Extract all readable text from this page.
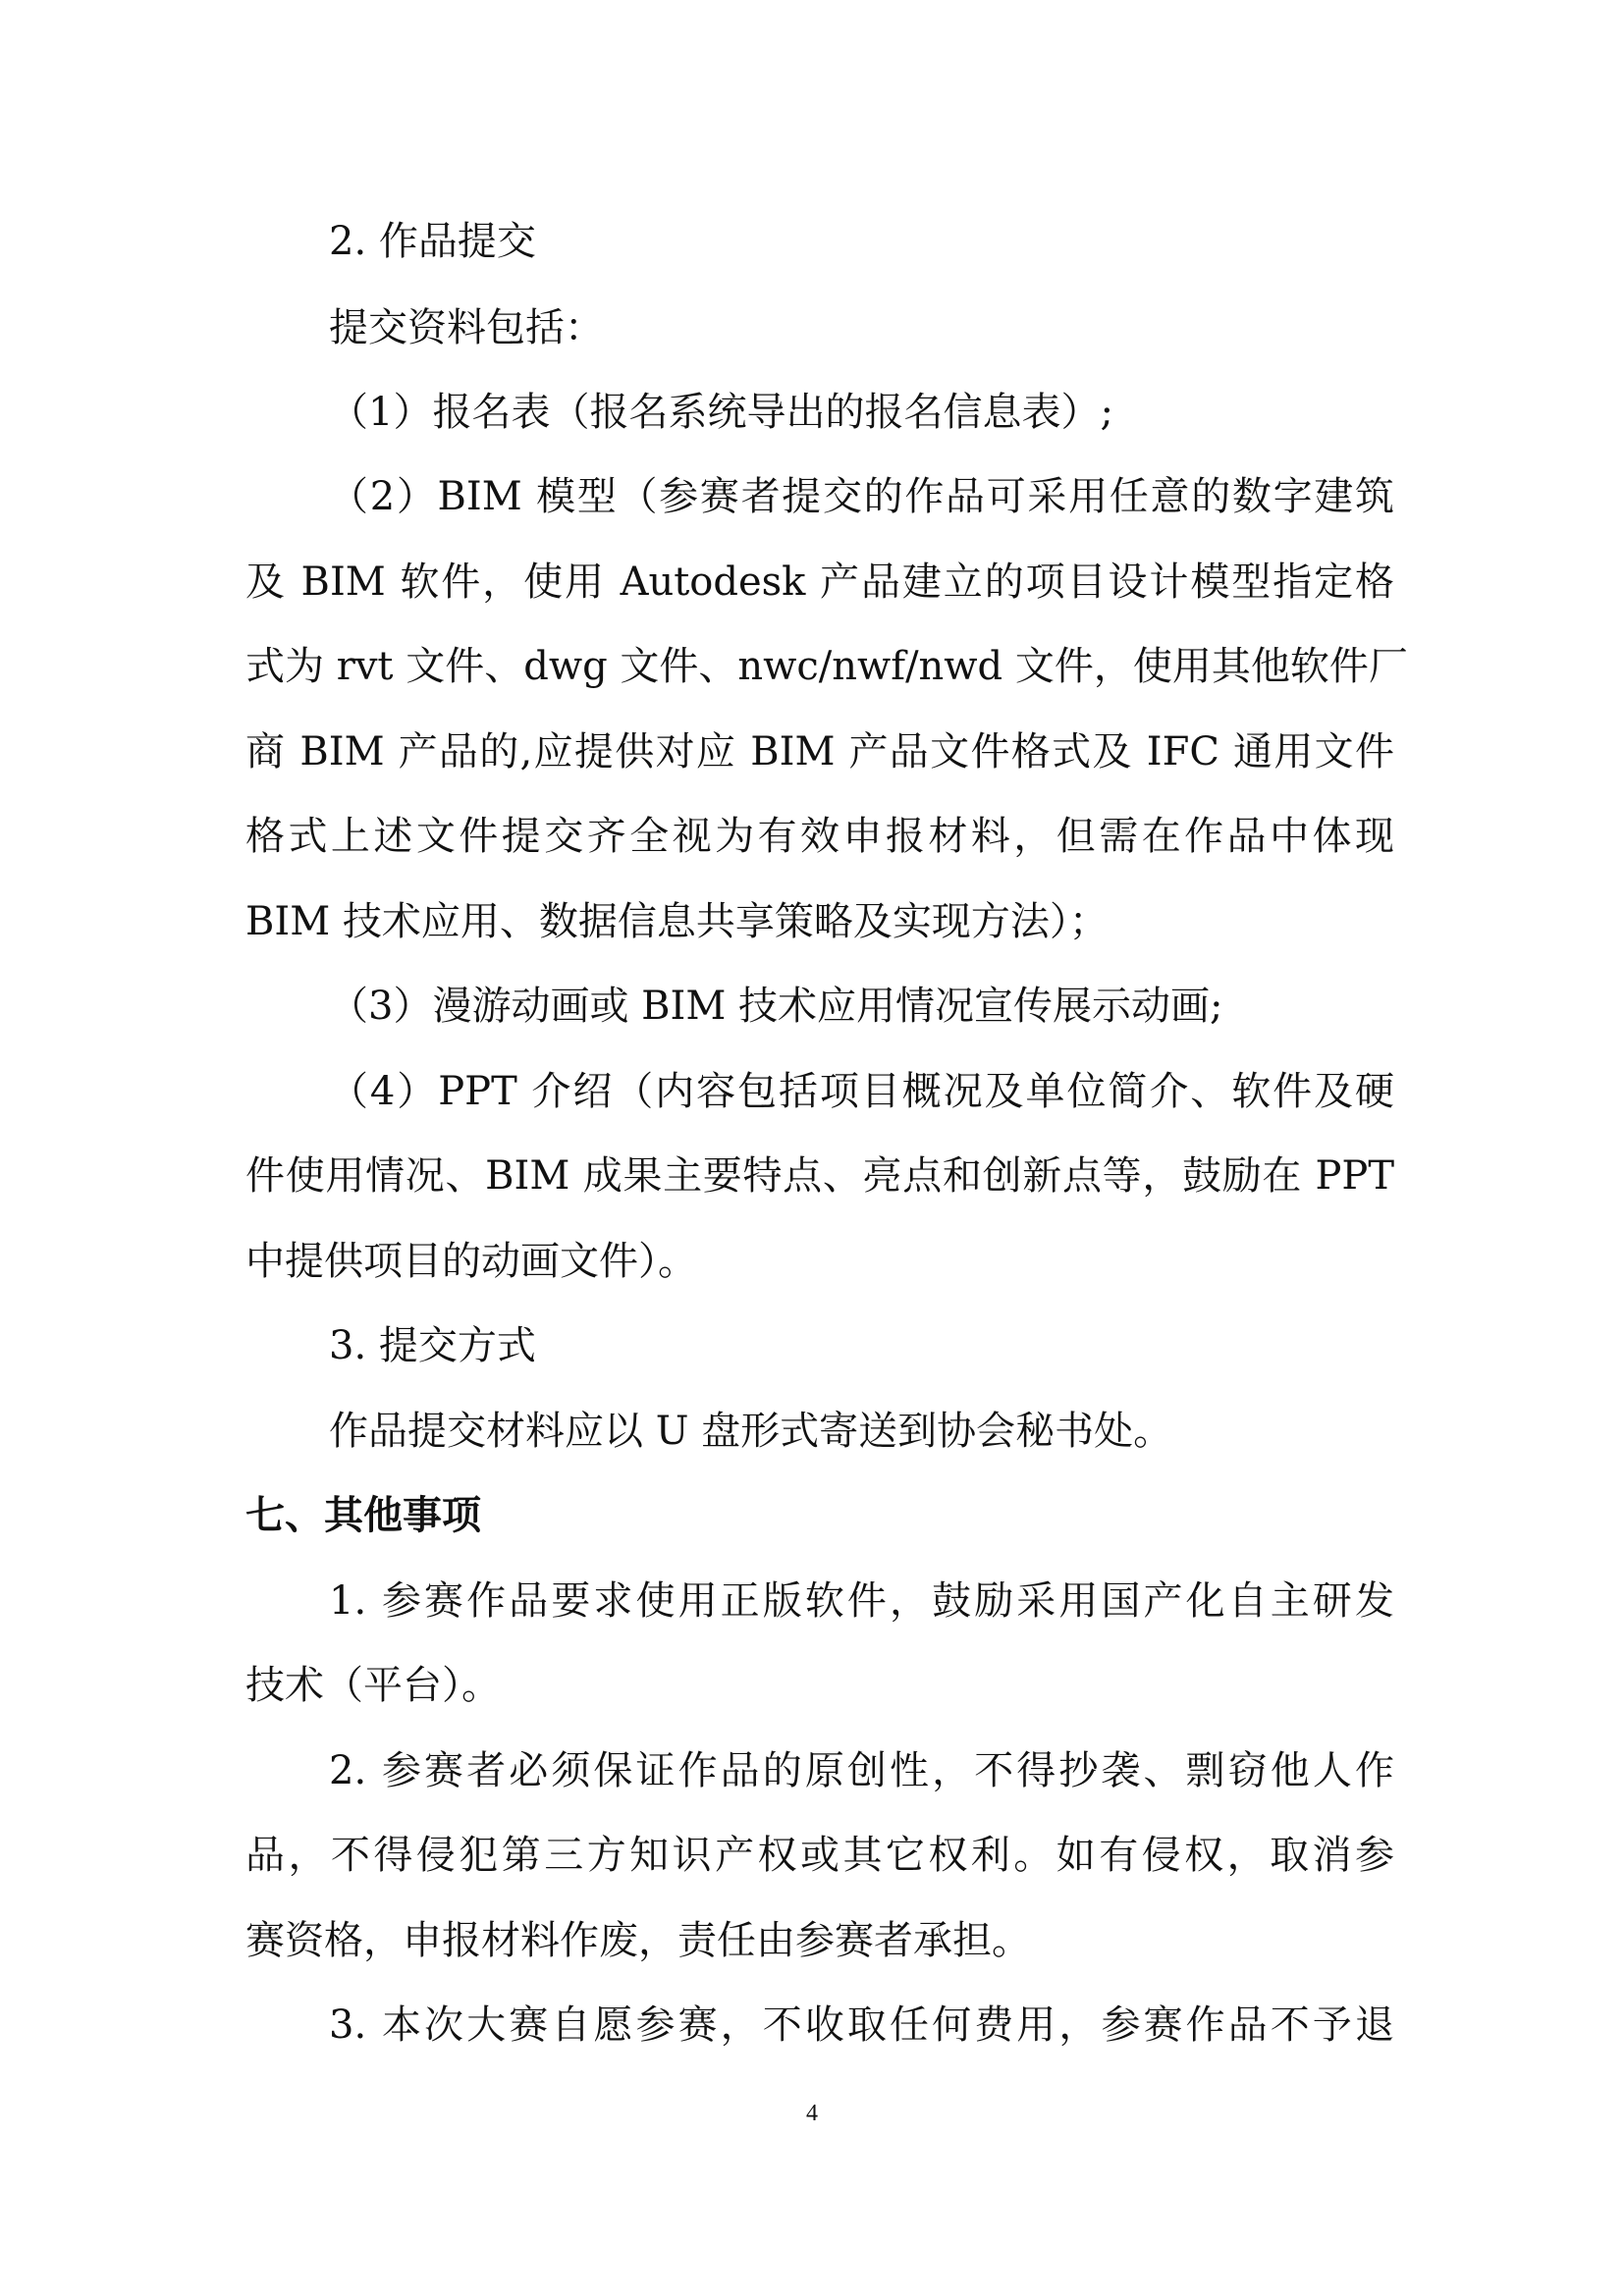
2. 作品提交
提交资料包括：
（1）报名表（报名系统导出的报名信息表）;
（2）BIM 模型（参赛者提交的作品可采用任意的数字建筑
及 BIM 软件，使用 Autodesk 产品建立的项目设计模型指定格
式为 rvt 文件、dwg 文件、nwc/nwf/nwd 文件，使用其他软件厂
商 BIM 产品的,应提供对应 BIM 产品文件格式及 IFC 通用文件
格式上述文件提交齐全视为有效申报材料，但需在作品中体现
BIM 技术应用、数据信息共享策略及实现方法）；
（3）漫游动画或 BIM 技术应用情况宣传展示动画;
（4）PPT 介绍（内容包括项目概况及单位简介、软件及硬
件使用情况、BIM 成果主要特点、亮点和创新点等，鼓励在 PPT
中提供项目的动画文件）。
3. 提交方式
作品提交材料应以 U 盘形式寄送到协会秘书处。
七、其他事项
1. 参赛作品要求使用正版软件，鼓励采用国产化自主研发
技术（平台）。
2. 参赛者必须保证作品的原创性，不得抄袭、剽窃他人作
品，不得侵犯第三方知识产权或其它权利。如有侵权，取消参
赛资格，申报材料作废，责任由参赛者承担。
3. 本次大赛自愿参赛，不收取任何费用，参赛作品不予退
4
